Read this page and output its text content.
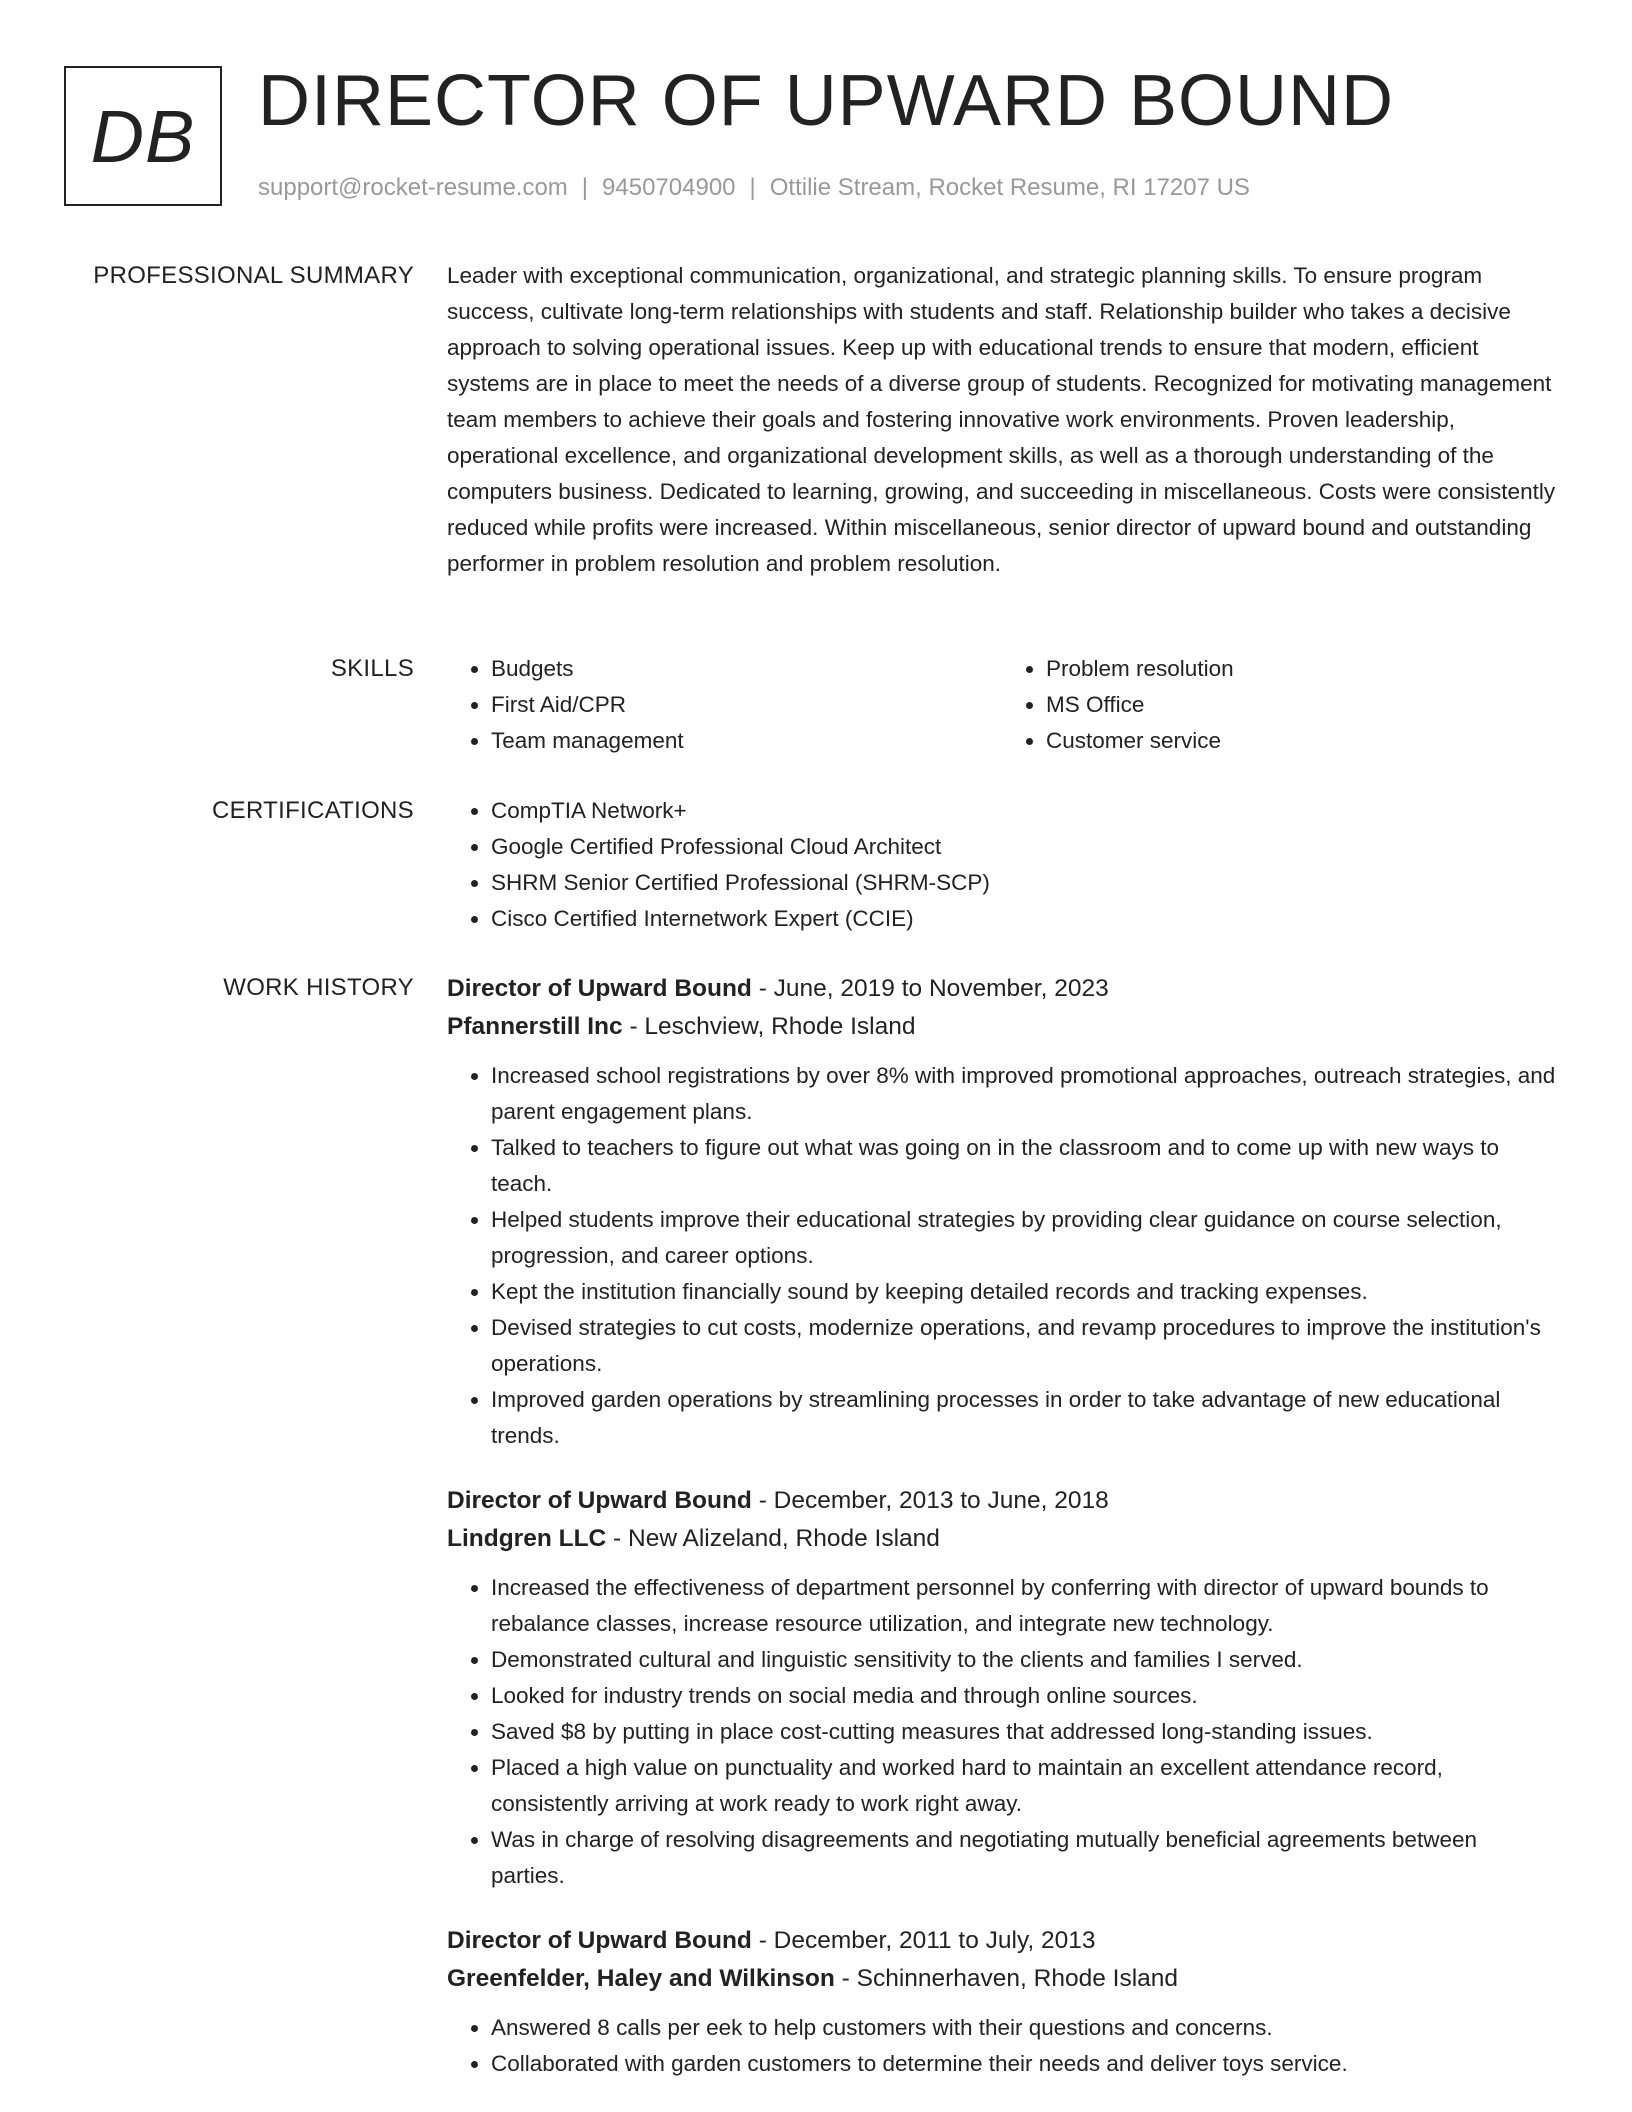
DB DIRECTOR OF UPWARD BOUND
support@rocket-resume.com | 9450704900 | Ottilie Stream, Rocket Resume, RI 17207 US
PROFESSIONAL SUMMARY Leader with exceptional communication, organizational, and strategic planning skills. To ensure program success, cultivate long-term relationships with students and staff. Relationship builder who takes a decisive approach to solving operational issues. Keep up with educational trends to ensure that modern, efficient systems are in place to meet the needs of a diverse group of students. Recognized for motivating management team members to achieve their goals and fostering innovative work environments. Proven leadership, operational excellence, and organizational development skills, as well as a thorough understanding of the computers business. Dedicated to learning, growing, and succeeding in miscellaneous. Costs were consistently reduced while profits were increased. Within miscellaneous, senior director of upward bound and outstanding performer in problem resolution and problem resolution.

SKILLS	• Budgets
• First Aid/CPR
• Team management
• Problem resolution
• MS Office
• Customer service
CERTIFICATIONS	• CompTIA Network+
• Google Certified Professional Cloud Architect
• SHRM Senior Certified Professional (SHRM-SCP)
• Cisco Certified Internetwork Expert (CCIE)
WORK HISTORY Director of Upward Bound - June, 2019 to November, 2023
Pfannerstill Inc - Leschview, Rhode Island
• Increased school registrations by over 8% with improved promotional approaches, outreach strategies, and parent engagement plans.
• Talked to teachers to figure out what was going on in the classroom and to come up with new ways to teach.
• Helped students improve their educational strategies by providing clear guidance on course selection, progression, and career options.
• Kept the institution financially sound by keeping detailed records and tracking expenses.
• Devised strategies to cut costs, modernize operations, and revamp procedures to improve the institution's operations.
• Improved garden operations by streamlining processes in order to take advantage of new educational trends.
Director of Upward Bound - December, 2013 to June, 2018
Lindgren LLC - New Alizeland, Rhode Island
• Increased the effectiveness of department personnel by conferring with director of upward bounds to rebalance classes, increase resource utilization, and integrate new technology.
• Demonstrated cultural and linguistic sensitivity to the clients and families I served.
• Looked for industry trends on social media and through online sources.
• Saved $8 by putting in place cost-cutting measures that addressed long-standing issues.
• Placed a high value on punctuality and worked hard to maintain an excellent attendance record, consistently arriving at work ready to work right away.
• Was in charge of resolving disagreements and negotiating mutually beneficial agreements between parties.
Director of Upward Bound - December, 2011 to July, 2013
Greenfelder, Haley and Wilkinson - Schinnerhaven, Rhode Island
• Answered 8 calls per eek to help customers with their questions and concerns.
• Collaborated with garden customers to determine their needs and deliver toys service.
